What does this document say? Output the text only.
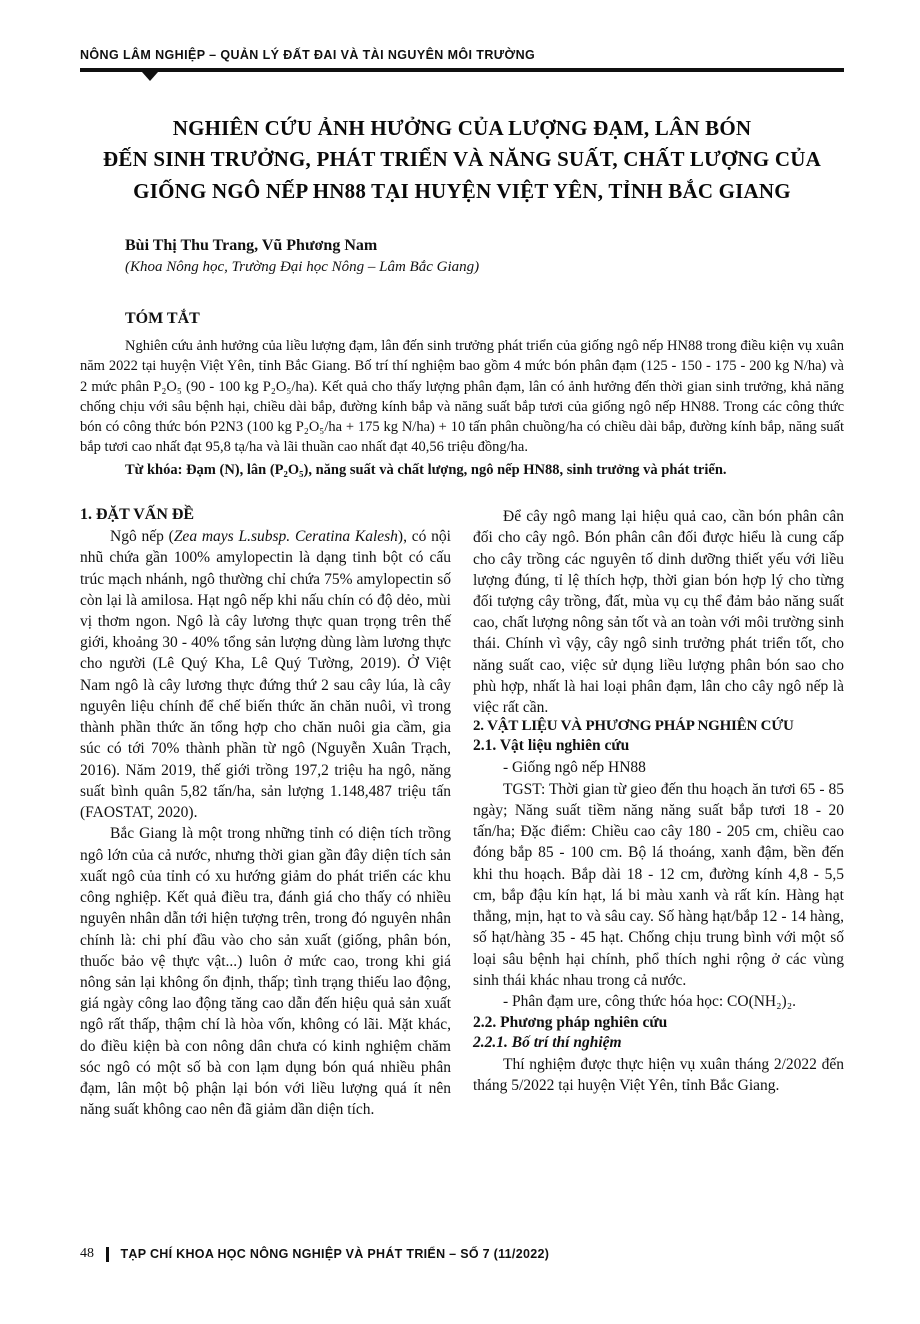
NÔNG LÂM NGHIỆP – QUẢN LÝ ĐẤT ĐAI VÀ TÀI NGUYÊN MÔI TRƯỜNG
NGHIÊN CỨU ẢNH HƯỞNG CỦA LƯỢNG ĐẠM, LÂN BÓN
ĐẾN SINH TRƯỞNG, PHÁT TRIỂN VÀ NĂNG SUẤT, CHẤT LƯỢNG CỦA
GIỐNG NGÔ NẾP HN88 TẠI HUYỆN VIỆT YÊN, TỈNH BẮC GIANG
Bùi Thị Thu Trang, Vũ Phương Nam
(Khoa Nông học, Trường Đại học Nông – Lâm Bắc Giang)
TÓM TẮT

Nghiên cứu ảnh hưởng của liều lượng đạm, lân đến sinh trưởng phát triển của giống ngô nếp HN88 trong điều kiện vụ xuân năm 2022 tại huyện Việt Yên, tỉnh Bắc Giang. Bố trí thí nghiệm bao gồm 4 mức bón phân đạm (125 - 150 - 175 - 200 kg N/ha) và 2 mức phân P₂O₅ (90 - 100 kg P₂O₅/ha). Kết quả cho thấy lượng phân đạm, lân có ảnh hưởng đến thời gian sinh trưởng, khả năng chống chịu với sâu bệnh hại, chiều dài bắp, đường kính bắp và năng suất bắp tươi của giống ngô nếp HN88. Trong các công thức bón có công thức bón P2N3 (100 kg P₂O₅/ha + 175 kg N/ha) + 10 tấn phân chuồng/ha có chiều dài bắp, đường kính bắp, năng suất bắp tươi cao nhất đạt 95,8 tạ/ha và lãi thuần cao nhất đạt 40,56 triệu đồng/ha.

Từ khóa: Đạm (N), lân (P₂O₅), năng suất và chất lượng, ngô nếp HN88, sinh trưởng và phát triển.

1. ĐẶT VẤN ĐỀ

Ngô nếp (Zea mays L.subsp. Ceratina Kalesh), có nội nhũ chứa gần 100% amylopectin là dạng tinh bột có cấu trúc mạch nhánh, ngô thường chỉ chứa 75% amylopectin số còn lại là amilosa. Hạt ngô nếp khi nấu chín có độ dẻo, mùi vị thơm ngon. Ngô là cây lương thực quan trọng trên thế giới, khoảng 30 - 40% tổng sản lượng dùng làm lương thực cho người (Lê Quý Kha, Lê Quý Tường, 2019). Ở Việt Nam ngô là cây lương thực đứng thứ 2 sau cây lúa, là cây nguyên liệu chính để chế biến thức ăn chăn nuôi, vì trong thành phần thức ăn tổng hợp cho chăn nuôi gia cầm, gia súc có tới 70% thành phần từ ngô (Nguyễn Xuân Trạch, 2016). Năm 2019, thế giới trồng 197,2 triệu ha ngô, năng suất bình quân 5,82 tấn/ha, sản lượng 1.148,487 triệu tấn (FAOSTAT, 2020).

Bắc Giang là một trong những tỉnh có diện tích trồng ngô lớn của cả nước, nhưng thời gian gần đây diện tích sản xuất ngô của tỉnh có xu hướng giảm do phát triển các khu công nghiệp. Kết quả điều tra, đánh giá cho thấy có nhiều nguyên nhân dẫn tới hiện tượng trên, trong đó nguyên nhân chính là: chi phí đầu vào cho sản xuất (giống, phân bón, thuốc bảo vệ thực vật...) luôn ở mức cao, trong khi giá nông sản lại không ổn định, thấp; tình trạng thiếu lao động, giá ngày công lao động tăng cao dẫn đến hiệu quả sản xuất ngô rất thấp, thậm chí là hòa vốn, không có lãi. Mặt khác, do điều kiện bà con nông dân chưa có kinh nghiệm chăm sóc ngô có một số bà con lạm dụng bón quá nhiều phân đạm, lân một bộ phận lại bón với liều lượng quá ít nên năng suất không cao nên đã giảm dần diện tích.

Để cây ngô mang lại hiệu quả cao, cần bón phân cân đối cho cây ngô. Bón phân cân đối được hiểu là cung cấp cho cây trồng các nguyên tố dinh dưỡng thiết yếu với liều lượng đúng, tỉ lệ thích hợp, thời gian bón hợp lý cho từng đối tượng cây trồng, đất, mùa vụ cụ thể đảm bảo năng suất cao, chất lượng nông sản tốt và an toàn với môi trường sinh thái. Chính vì vậy, cây ngô sinh trưởng phát triển tốt, cho năng suất cao, việc sử dụng liều lượng phân bón sao cho phù hợp, nhất là hai loại phân đạm, lân cho cây ngô nếp là việc rất cần.

2. VẬT LIỆU VÀ PHƯƠNG PHÁP NGHIÊN CỨU
2.1. Vật liệu nghiên cứu

- Giống ngô nếp HN88

TGST: Thời gian từ gieo đến thu hoạch ăn tươi 65 - 85 ngày; Năng suất tiềm năng năng suất bắp tươi 18 - 20 tấn/ha; Đặc điểm: Chiều cao cây 180 - 205 cm, chiều cao đóng bắp 85 - 100 cm. Bộ lá thoáng, xanh đậm, bền đến khi thu hoạch. Bắp dài 18 - 12 cm, đường kính 4,8 - 5,5 cm, bắp đậu kín hạt, lá bi màu xanh và rất kín. Hàng hạt thẳng, mịn, hạt to và sâu cay. Số hàng hạt/bắp 12 - 14 hàng, số hạt/hàng 35 - 45 hạt. Chống chịu trung bình với một số loại sâu bệnh hại chính, phổ thích nghi rộng ở các vùng sinh thái khác nhau trong cả nước.

- Phân đạm ure, công thức hóa học: CO(NH₂)₂.

2.2. Phương pháp nghiên cứu
2.2.1. Bố trí thí nghiệm

Thí nghiệm được thực hiện vụ xuân tháng 2/2022 đến tháng 5/2022 tại huyện Việt Yên, tỉnh Bắc Giang.

48 TẠP CHÍ KHOA HỌC NÔNG NGHIỆP VÀ PHÁT TRIỂN – SỐ 7 (11/2022)
